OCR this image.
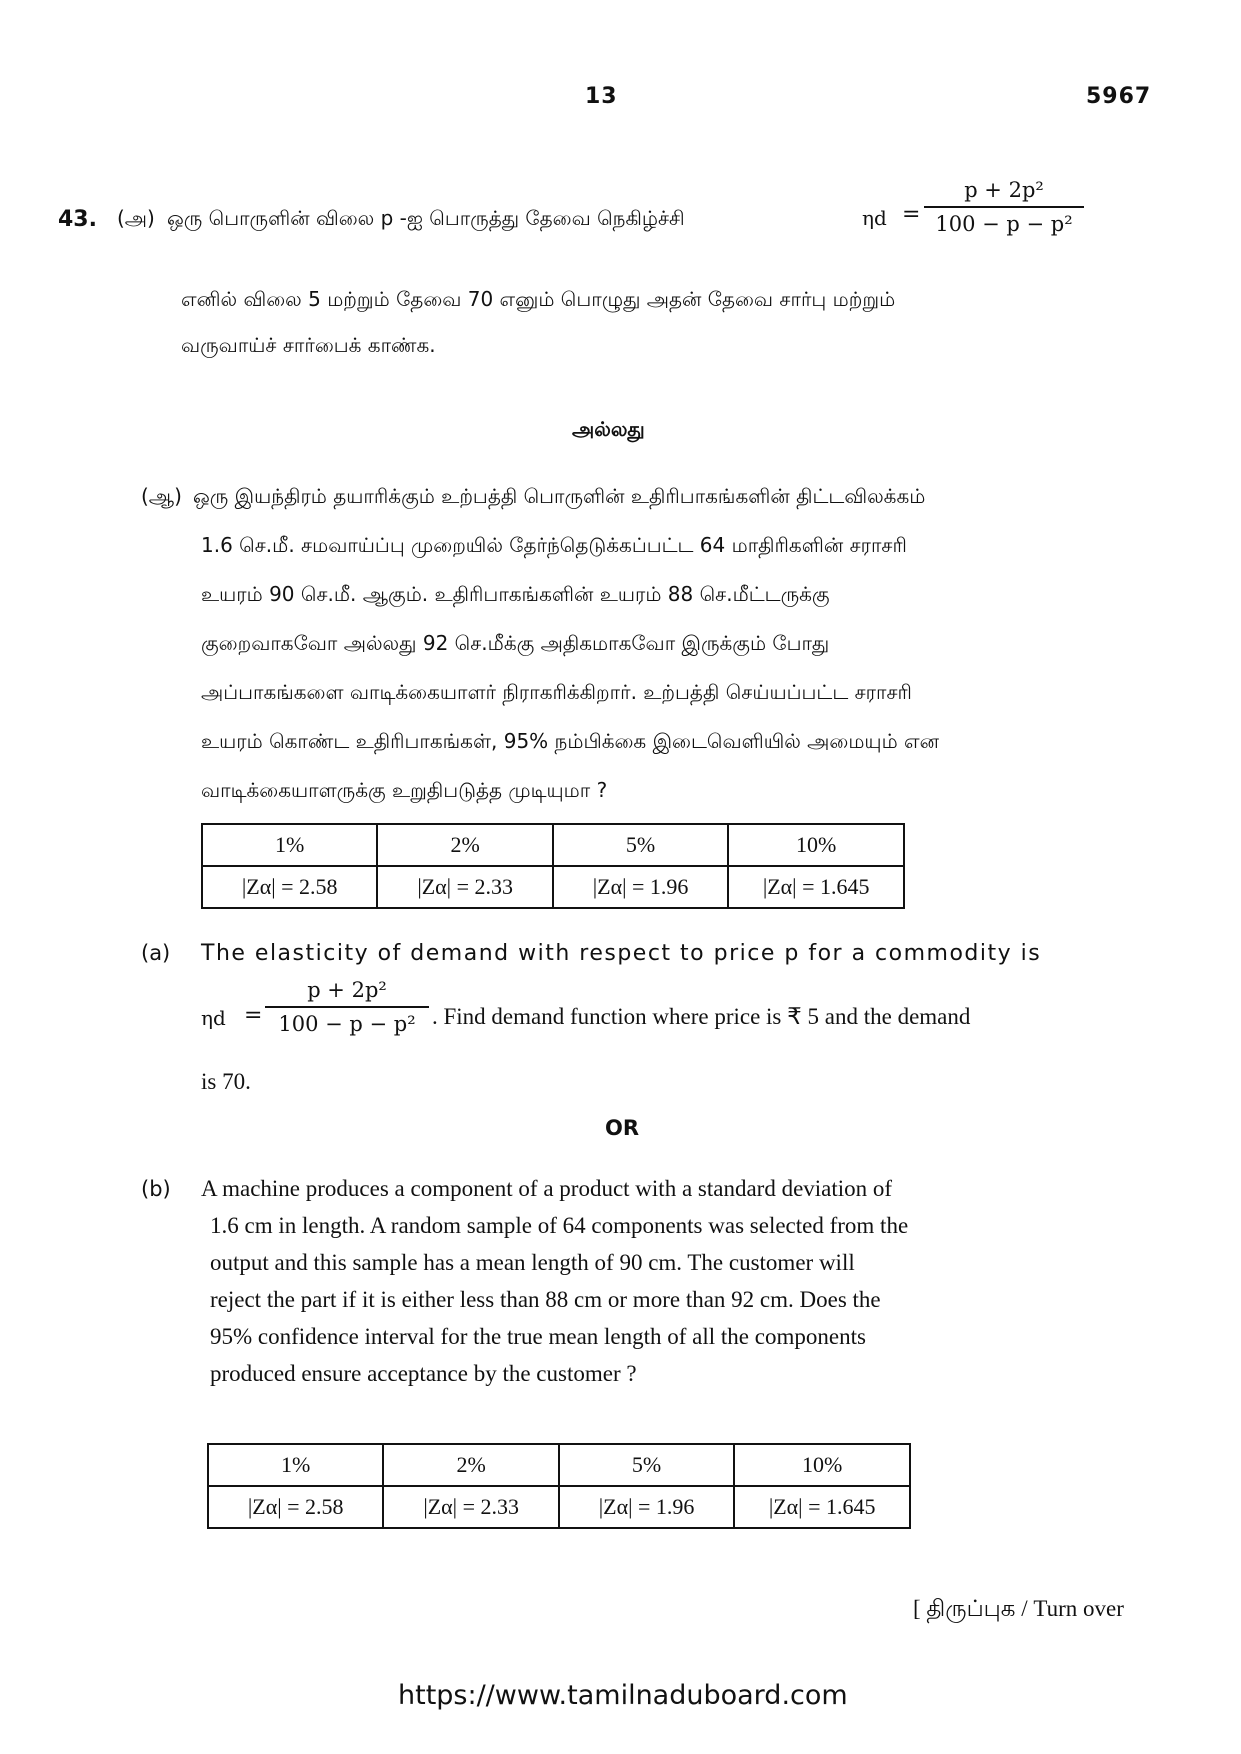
13	5967
43. (அ) ஒரு பொருளின் விலை p -ஐ பொருத்து தேவை நெகிழ்ச்சி	ηd =
p + 2p²
100 − p − p²
எனில் விலை 5 மற்றும் தேவை 70 எனும் பொழுது அதன் தேவை சார்பு மற்றும்
வருவாய்ச் சார்பைக் காண்க.
அல்லது
(ஆ) ஒரு இயந்திரம் தயாரிக்கும் உற்பத்தி பொருளின் உதிரிபாகங்களின் திட்டவிலக்கம்
1.6 செ.மீ. சமவாய்ப்பு முறையில் தேர்ந்தெடுக்கப்பட்ட 64 மாதிரிகளின் சராசரி
உயரம் 90 செ.மீ. ஆகும். உதிரிபாகங்களின் உயரம் 88 செ.மீட்டருக்கு
குறைவாகவோ அல்லது 92 செ.மீக்கு அதிகமாகவோ இருக்கும் போது
அப்பாகங்களை வாடிக்கையாளர் நிராகரிக்கிறார். உற்பத்தி செய்யப்பட்ட சராசரி
உயரம் கொண்ட உதிரிபாகங்கள், 95% நம்பிக்கை இடைவெளியில் அமையும் என
வாடிக்கையாளருக்கு உறுதிபடுத்த முடியுமா ?
1%	2%	5%	10%
|Zα| = 2.58	|Zα| = 2.33	|Zα| = 1.96	|Zα| = 1.645
(a) The elasticity of demand with respect to price p for a commodity is
ηd =
p + 2p²
100 − p − p² . Find demand function where price is ₹ 5 and the demand
is 70.
OR
(b) A machine produces a component of a product with a standard deviation of
1.6 cm in length. A random sample of 64 components was selected from the
output and this sample has a mean length of 90 cm. The customer will
reject the part if it is either less than 88 cm or more than 92 cm. Does the
95% confidence interval for the true mean length of all the components
produced ensure acceptance by the customer ?
1%	2%	5%	10%
|Zα| = 2.58	|Zα| = 2.33	|Zα| = 1.96	|Zα| = 1.645
[ திருப்புக / Turn over
https://www.tamilnaduboard.com
